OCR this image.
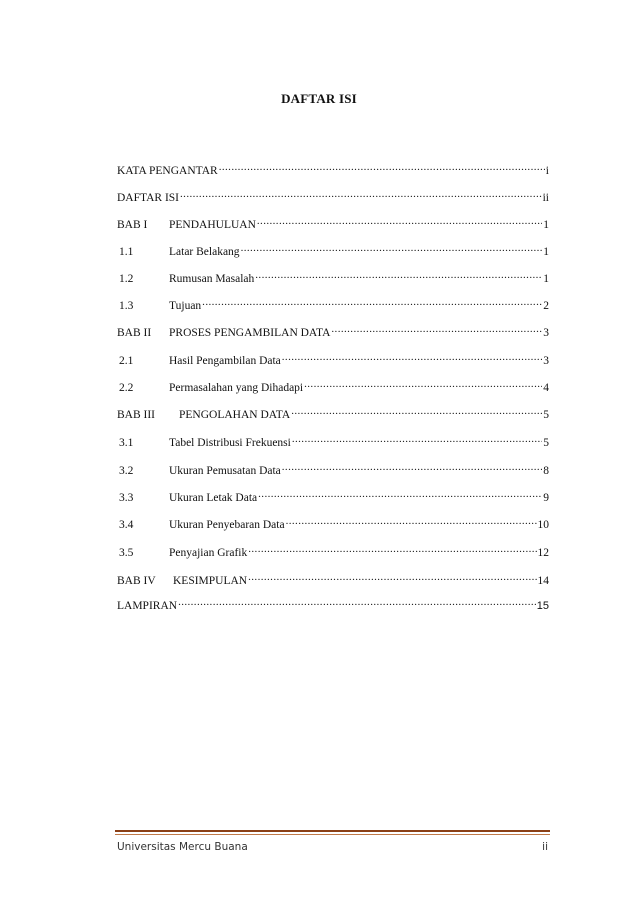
DAFTAR ISI
KATA PENGANTAR .....	i
DAFTAR ISI .....	ii
BAB I	PENDAHULUAN .....	1
1.1	Latar Belakang .....	1
1.2	Rumusan Masalah .....	1
1.3	Tujuan .....	2
BAB II	PROSES PENGAMBILAN DATA .....	3
2.1	Hasil Pengambilan Data .....	3
2.2	Permasalahan yang Dihadapi .....	4
BAB III	PENGOLAHAN DATA .....	5
3.1	Tabel Distribusi Frekuensi .....	5
3.2	Ukuran Pemusatan Data .....	8
3.3	Ukuran Letak Data .....	9
3.4	Ukuran Penyebaran Data .....	10
3.5	Penyajian Grafik .....	12
BAB IV	KESIMPULAN .....	14
LAMPIRAN .....	15
Universitas Mercu Buana	ii
